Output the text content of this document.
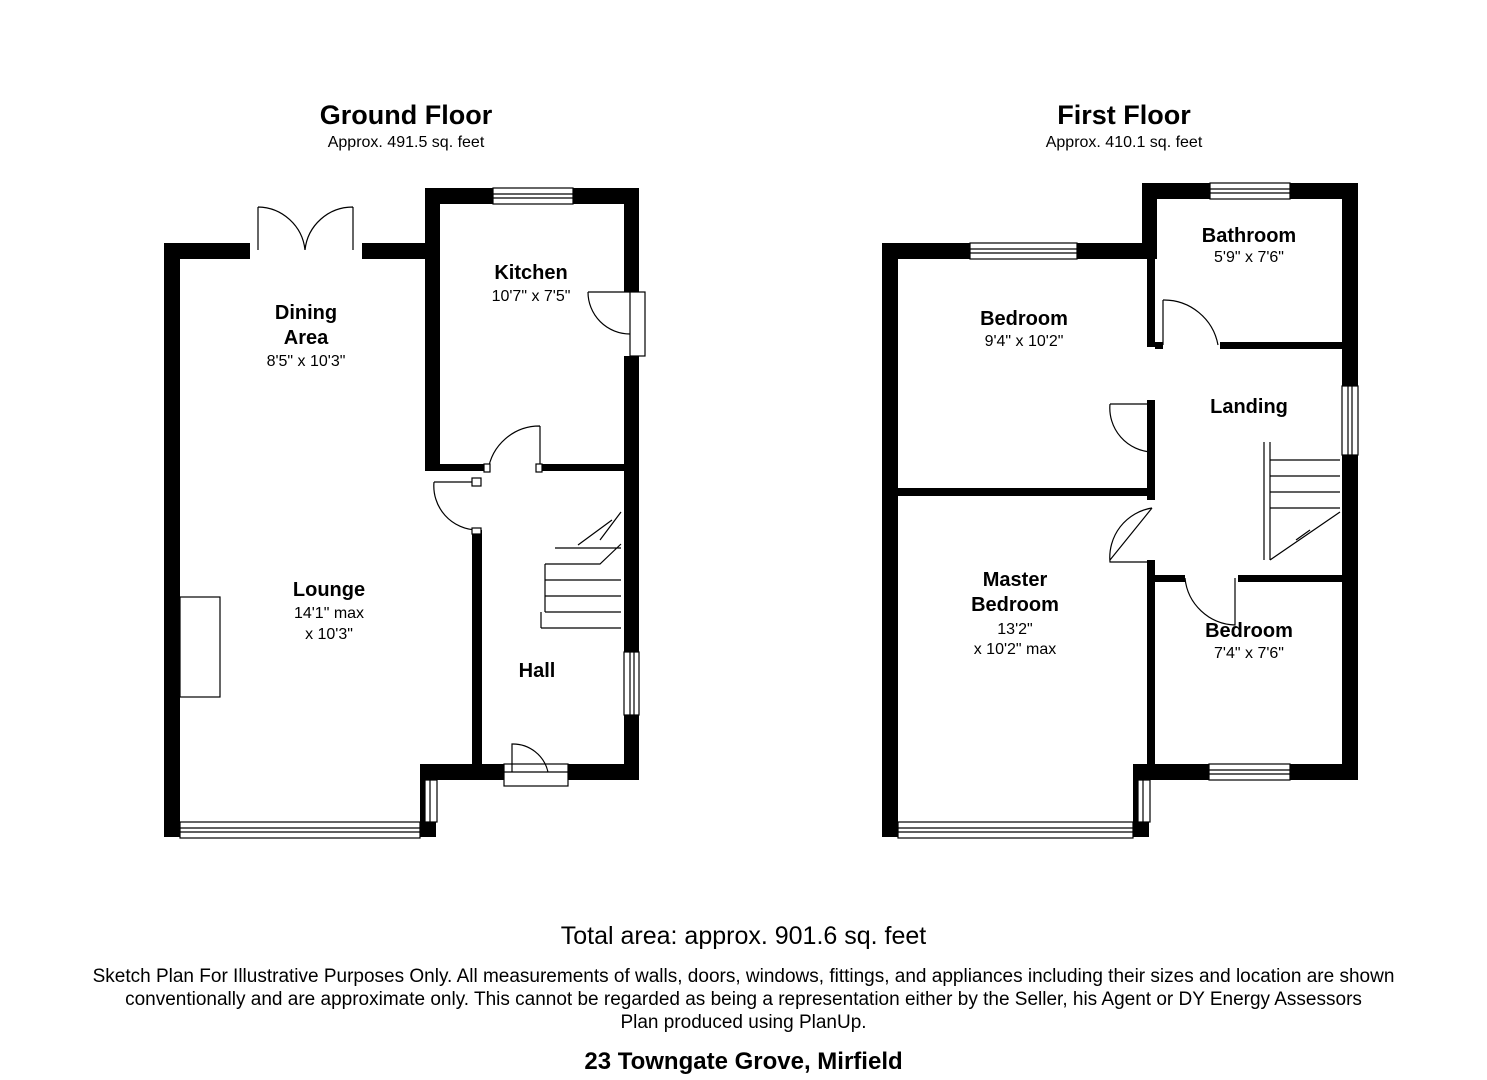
Ground Floor
Approx. 491.5 sq. feet
Kitchen
10'7" x 7'5"
Dining
Area
8'5" x 10'3"
Lounge
14'1" max
x 10'3"
Hall
First Floor
Approx. 410.1 sq. feet
Bathroom
5'9" x 7'6"
Bedroom
9'4" x 10'2"
Landing
Master
Bedroom
13'2"
x 10'2" max
Bedroom
7'4" x 7'6"
Total area: approx. 901.6 sq. feet
Sketch Plan For Illustrative Purposes Only. All measurements of walls, doors, windows, fittings, and appliances including their sizes and location are shown
conventionally and are approximate only. This cannot be regarded as being a representation either by the Seller, his Agent or DY Energy Assessors
Plan produced using PlanUp.
23 Towngate Grove, Mirfield
